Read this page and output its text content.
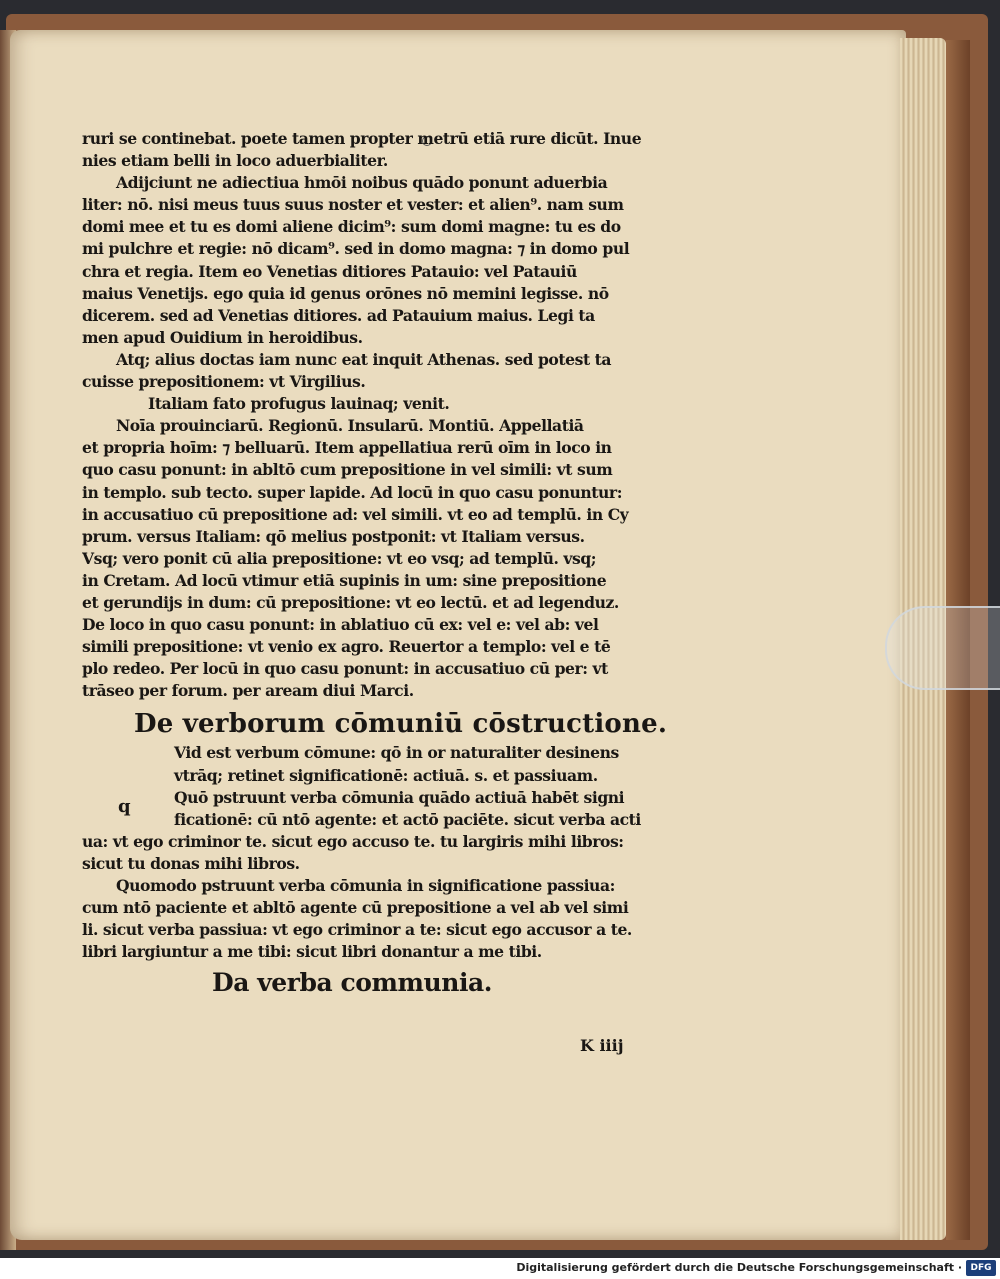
ruri se continebat. poete tamen propter metrū etiā rure dicūt. Inue
nies etiam belli in loco aduerbialiter.
Adijciunt ne adiectiua hmōi noibus quādo ponunt aduerbia
liter: nō. nisi meus tuus suus noster et vester: et alien⁹. nam sum
domi mee et tu es domi aliene dicim⁹: sum domi magne: tu es do
mi pulchre et regie: nō dicam⁹. sed in domo magna: ⁊ in domo pul
chra et regia. Item eo Venetias ditiores Patauio: vel Patauiū
maius Venetijs. ego quia id genus orōnes nō memini legisse. nō
dicerem. sed ad Venetias ditiores. ad Patauium maius. Legi ta
men apud Ouidium in heroidibus.
Atq; alius doctas iam nunc eat inquit Athenas. sed potest ta
cuisse prepositionem: vt Virgilius.
Italiam fato profugus lauinaq; venit.
Noīa prouinciarū. Regionū. Insularū. Montiū. Appellatiā
et propria hoīm: ⁊ belluarū. Item appellatiua rerū oīm in loco in
quo casu ponunt: in abltō cum prepositione in vel simili: vt sum
in templo. sub tecto. super lapide. Ad locū in quo casu ponuntur:
in accusatiuo cū prepositione ad: vel simili. vt eo ad templū. in Cy
prum. versus Italiam: qō melius postponit: vt Italiam versus.
Vsq; vero ponit cū alia prepositione: vt eo vsq; ad templū. vsq;
in Cretam. Ad locū vtimur etiā supinis in um: sine prepositione
et gerundijs in dum: cū prepositione: vt eo lectū. et ad legenduz.
De loco in quo casu ponunt: in ablatiuo cū ex: vel e: vel ab: vel
simili prepositione: vt venio ex agro. Reuertor a templo: vel e tē
plo redeo. Per locū in quo casu ponunt: in accusatiuo cū per: vt
trāseo per forum. per aream diui Marci.
De verborum cōmuniū cōstructione.
Vid est verbum cōmune: qō in or naturaliter desinens
vtrāq; retinet significationē: actiuā. s. et passiuam.
Quō pstruunt verba cōmunia quādo actiuā habēt signi
ficationē: cū ntō agente: et actō paciēte. sicut verba acti
ua: vt ego criminor te. sicut ego accuso te. tu largiris mihi libros:
sicut tu donas mihi libros.
Quomodo pstruunt verba cōmunia in significatione passiua:
cum ntō paciente et abltō agente cū prepositione a vel ab vel simi
li. sicut verba passiua: vt ego criminor a te: sicut ego accusor a te.
libri largiuntur a me tibi: sicut libri donantur a me tibi.
Da verba communia.
q
K iiij
Digitalisierung gefördert durch die Deutsche Forschungsgemeinschaft · DFG
